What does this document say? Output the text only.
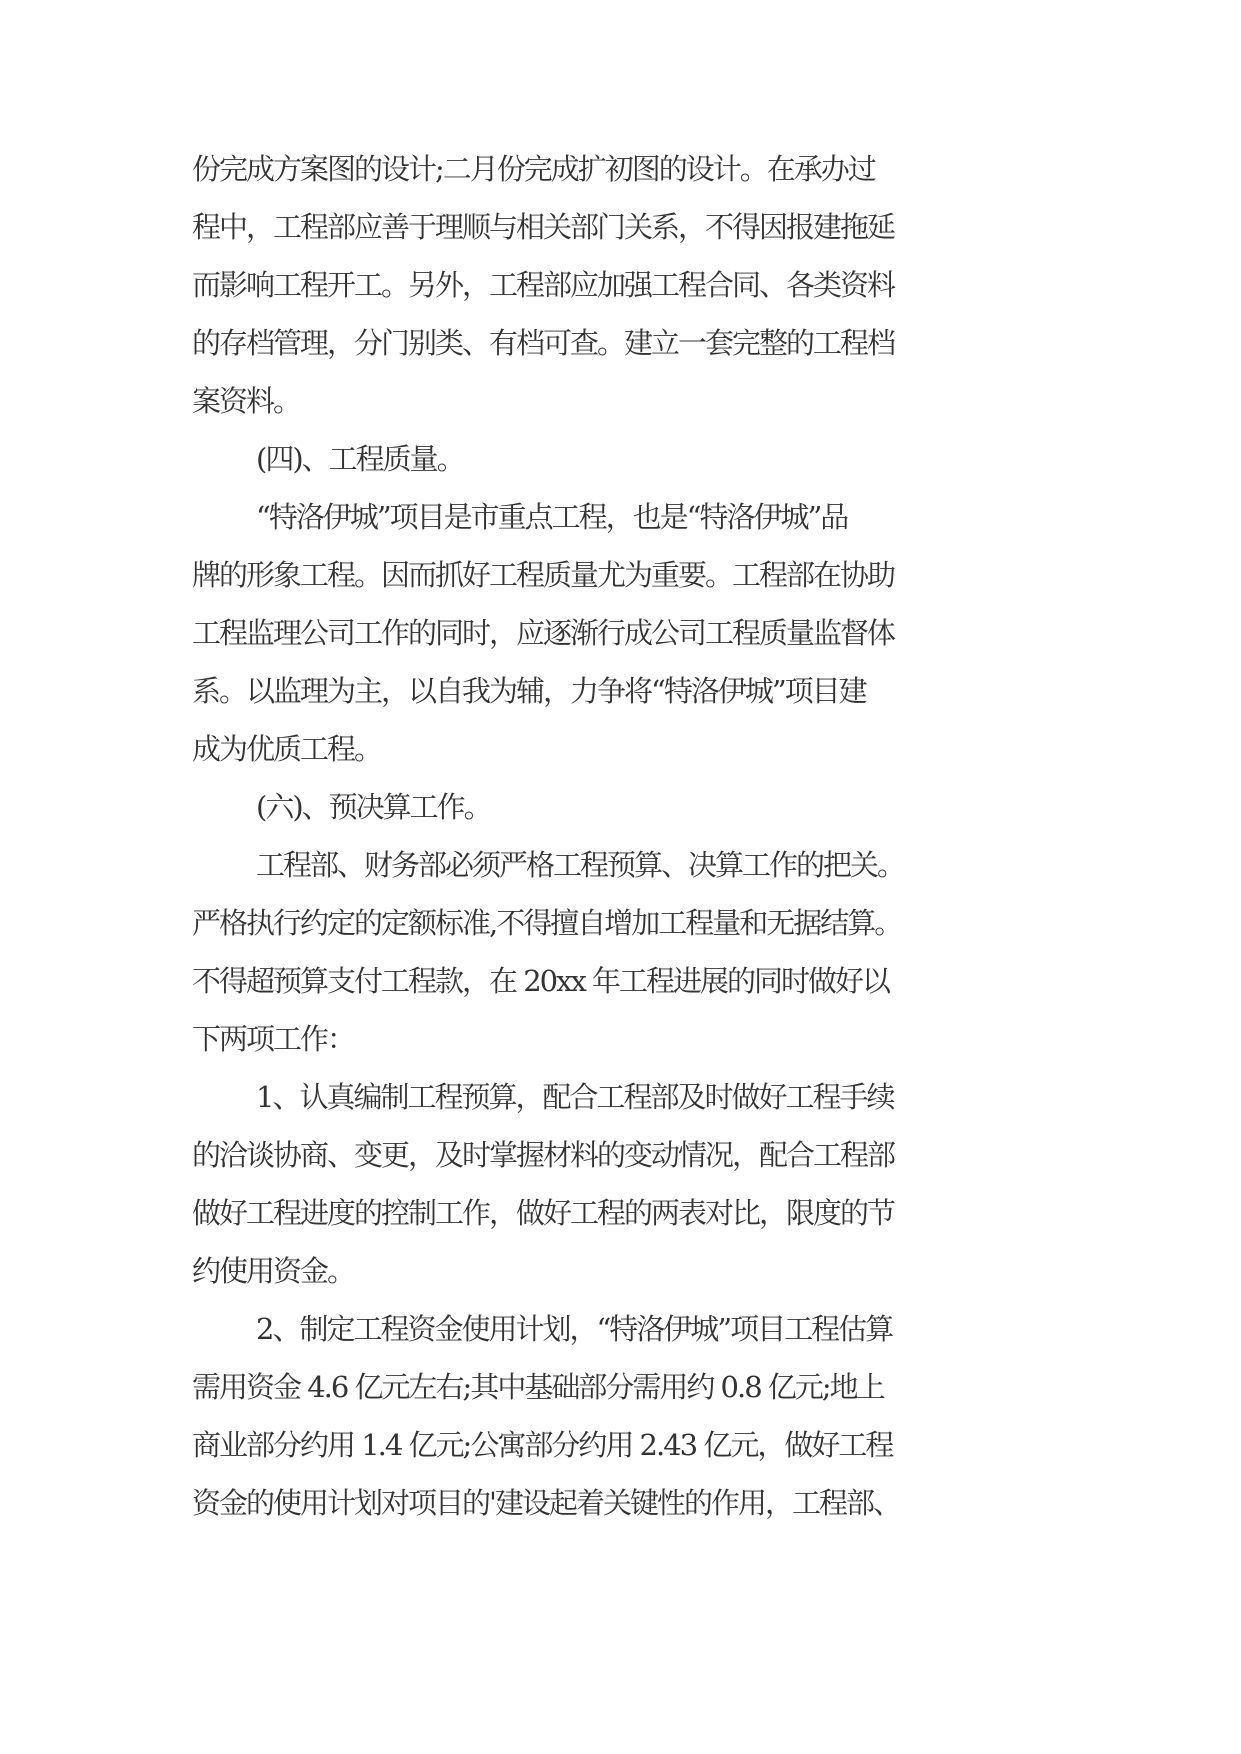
份完成方案图的设计;二月份完成扩初图的设计。在承办过
程中，工程部应善于理顺与相关部门关系，不得因报建拖延
而影响工程开工。另外，工程部应加强工程合同、各类资料
的存档管理，分门别类、有档可查。建立一套完整的工程档
案资料。
(四)、工程质量。
“特洛伊城”项目是市重点工程，也是“特洛伊城”品
牌的形象工程。因而抓好工程质量尤为重要。工程部在协助
工程监理公司工作的同时，应逐渐行成公司工程质量监督体
系。以监理为主，以自我为辅，力争将“特洛伊城”项目建
成为优质工程。
(六)、预决算工作。
工程部、财务部必须严格工程预算、决算工作的把关。
严格执行约定的定额标准,不得擅自增加工程量和无据结算。
不得超预算支付工程款，在 20xx 年工程进展的同时做好以
下两项工作：
1、认真编制工程预算，配合工程部及时做好工程手续
的洽谈协商、变更，及时掌握材料的变动情况，配合工程部
做好工程进度的控制工作，做好工程的两表对比，限度的节
约使用资金。
2、制定工程资金使用计划，“特洛伊城”项目工程估算
需用资金 4.6 亿元左右;其中基础部分需用约 0.8 亿元;地上
商业部分约用 1.4 亿元;公寓部分约用 2.43 亿元，做好工程
资金的使用计划对项目的'建设起着关键性的作用，工程部、
